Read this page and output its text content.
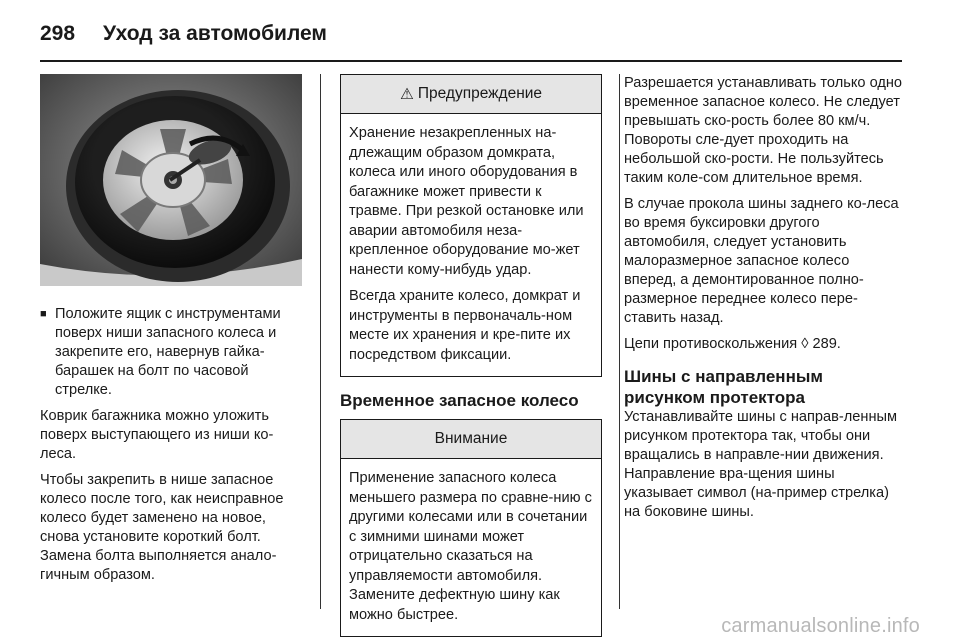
298 Уход за автомобилем
■ Положите ящик с инструментами поверх ниши запасного колеса и закрепите его, навернув гайка-барашек на болт по часовой стрелке.

Коврик багажника можно уложить поверх выступающего из ниши ко-леса.

Чтобы закрепить в нише запасное колесо после того, как неисправное колесо будет заменено на новое, снова установите короткий болт. Замена болта выполняется анало-гичным образом.

⚠ Предупреждение

Хранение незакрепленных на-длежащим образом домкрата, колеса или иного оборудования в багажнике может привести к травме. При резкой остановке или аварии автомобиля неза-крепленное оборудование мо-жет нанести кому-нибудь удар.

Всегда храните колесо, домкрат и инструменты в первоначаль-ном месте их хранения и кре-пите их посредством фиксации.

Временное запасное колесо
Внимание

Применение запасного колеса меньшего размера по сравне-нию с другими колесами или в сочетании с зимними шинами может отрицательно сказаться на управляемости автомобиля. Замените дефектную шину как можно быстрее.

Разрешается устанавливать только одно временное запасное колесо. Не следует превышать ско-рость более 80 км/ч. Повороты сле-дует проходить на небольшой ско-рости. Не пользуйтесь таким коле-сом длительное время.

В случае прокола шины заднего ко-леса во время буксировки другого автомобиля, следует установить малоразмерное запасное колесо вперед, а демонтированное полно-размерное переднее колесо пере-ставить назад.

Цепи противоскольжения ◊ 289.

Шины с направленным рисунком протектора

Устанавливайте шины с направ-ленным рисунком протектора так, чтобы они вращались в направле-нии движения. Направление вра-щения шины указывает символ (на-пример стрелка) на боковине шины.

carmanualsonline.info
